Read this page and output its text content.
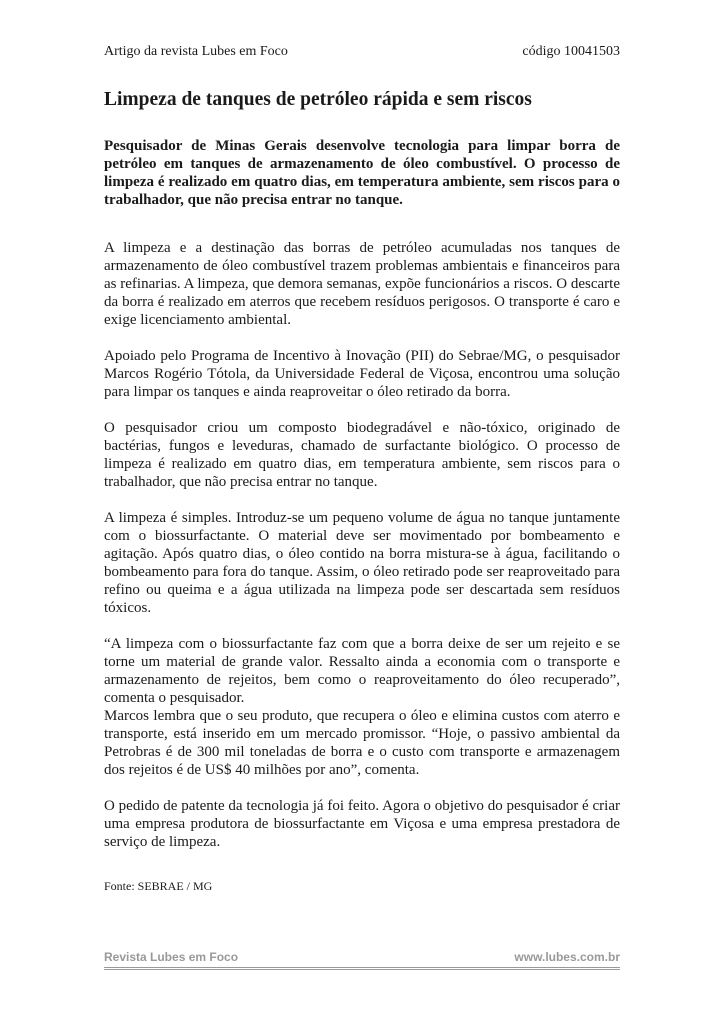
Artigo da revista Lubes em Foco	código 10041503
Limpeza de tanques de petróleo rápida e sem riscos

Pesquisador de Minas Gerais desenvolve tecnologia para limpar borra de petróleo em tanques de armazenamento de óleo combustível. O processo de limpeza é realizado em quatro dias, em temperatura ambiente, sem riscos para o trabalhador, que não precisa entrar no tanque.

A limpeza e a destinação das borras de petróleo acumuladas nos tanques de armazenamento de óleo combustível trazem problemas ambientais e financeiros para as refinarias. A limpeza, que demora semanas, expõe funcionários a riscos. O descarte da borra é realizado em aterros que recebem resíduos perigosos. O transporte é caro e exige licenciamento ambiental.

Apoiado pelo Programa de Incentivo à Inovação (PII) do Sebrae/MG, o pesquisador Marcos Rogério Tótola, da Universidade Federal de Viçosa, encontrou uma solução para limpar os tanques e ainda reaproveitar o óleo retirado da borra.

O pesquisador criou um composto biodegradável e não-tóxico, originado de bactérias, fungos e leveduras, chamado de surfactante biológico. O processo de limpeza é realizado em quatro dias, em temperatura ambiente, sem riscos para o trabalhador, que não precisa entrar no tanque.

A limpeza é simples. Introduz-se um pequeno volume de água no tanque juntamente com o biossurfactante. O material deve ser movimentado por bombeamento e agitação. Após quatro dias, o óleo contido na borra mistura-se à água, facilitando o bombeamento para fora do tanque. Assim, o óleo retirado pode ser reaproveitado para refino ou queima e a água utilizada na limpeza pode ser descartada sem resíduos tóxicos.

“A limpeza com o biossurfactante faz com que a borra deixe de ser um rejeito e se torne um material de grande valor. Ressalto ainda a economia com o transporte e armazenamento de rejeitos, bem como o reaproveitamento do óleo recuperado”, comenta o pesquisador.

Marcos lembra que o seu produto, que recupera o óleo e elimina custos com aterro e transporte, está inserido em um mercado promissor. “Hoje, o passivo ambiental da Petrobras é de 300 mil toneladas de borra e o custo com transporte e armazenagem dos rejeitos é de US$ 40 milhões por ano”, comenta.

O pedido de patente da tecnologia já foi feito. Agora o objetivo do pesquisador é criar uma empresa produtora de biossurfactante em Viçosa e uma empresa prestadora de serviço de limpeza.

Fonte: SEBRAE / MG
Revista Lubes em Foco	www.lubes.com.br
